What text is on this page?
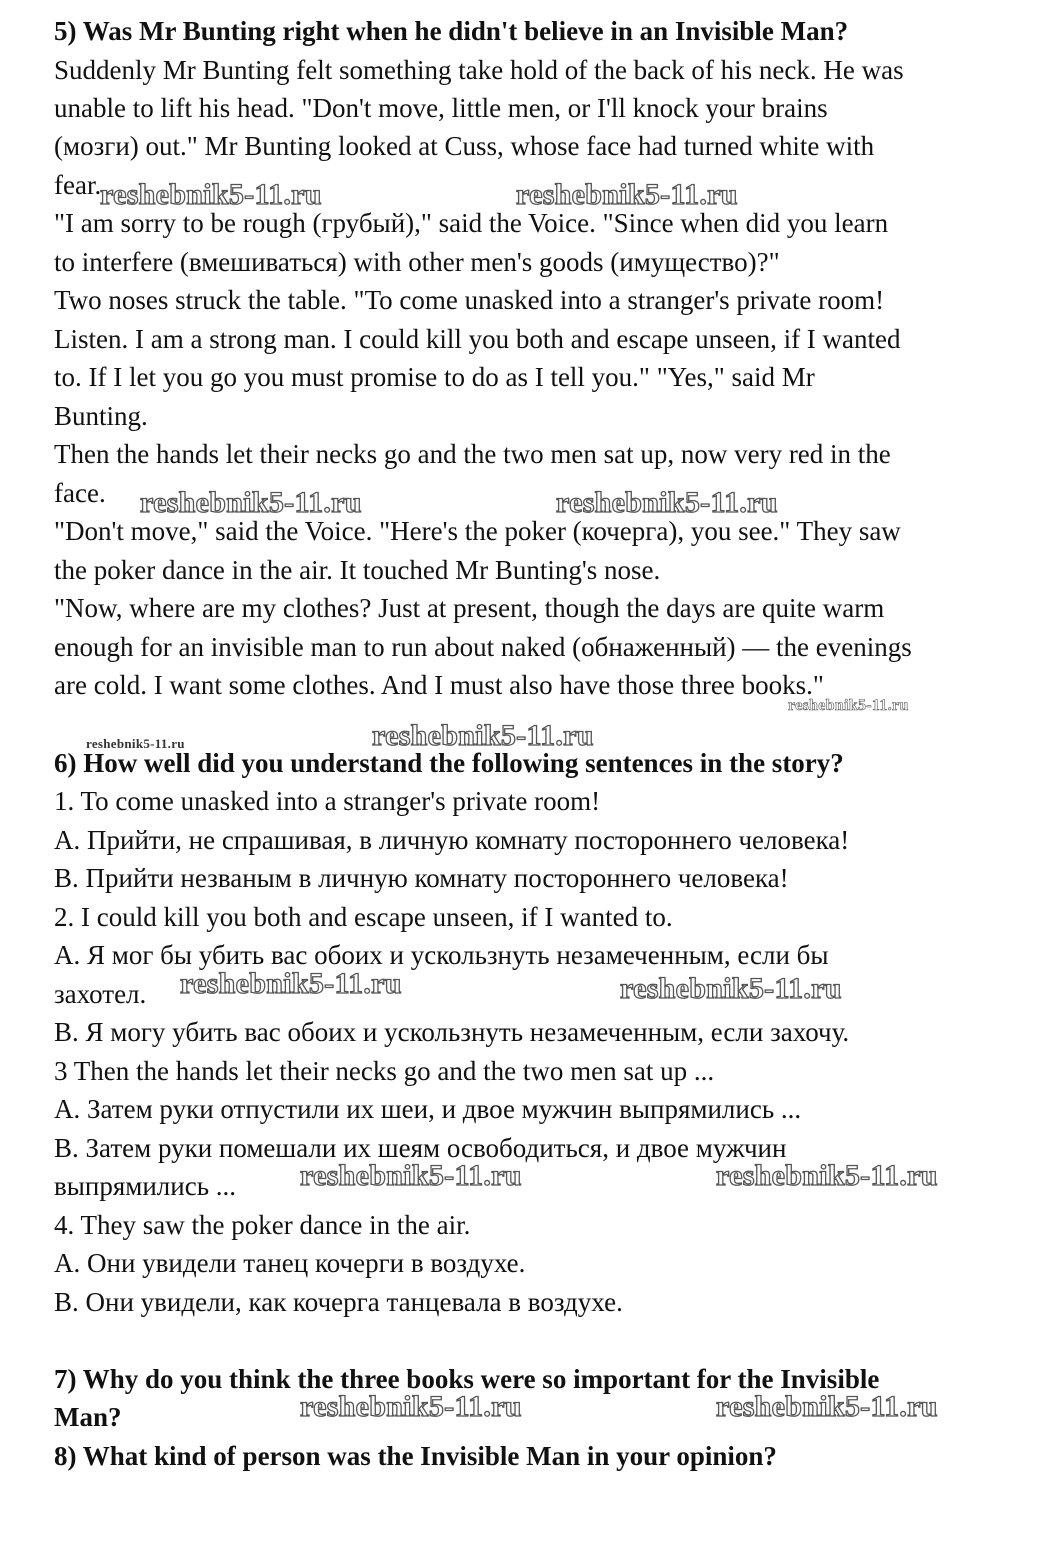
5) Was Mr Bunting right when he didn't believe in an Invisible Man?
Suddenly Mr Bunting felt something take hold of the back of his neck. He was
unable to lift his head. "Don't move, little men, or I'll knock your brains
(мозги) out." Mr Bunting looked at Cuss, whose face had turned white with
fear.
"I am sorry to be rough (грубый)," said the Voice. "Since when did you learn
to interfere (вмешиваться) with other men's goods (имущество)?"
Two noses struck the table. "To come unasked into a stranger's private room!
Listen. I am a strong man. I could kill you both and escape unseen, if I wanted
to. If I let you go you must promise to do as I tell you." "Yes," said Mr
Bunting.
Then the hands let their necks go and the two men sat up, now very red in the
face.
"Don't move," said the Voice. "Here's the poker (кочерга), you see." They saw
the poker dance in the air. It touched Mr Bunting's nose.
"Now, where are my clothes? Just at present, though the days are quite warm
enough for an invisible man to run about naked (обнаженный) — the evenings
are cold. I want some clothes. And I must also have those three books."
6) How well did you understand the following sentences in the story?
1. To come unasked into a stranger's private room!
A. Прийти, не спрашивая, в личную комнату постороннего человека!
B. Прийти незваным в личную комнату постороннего человека!
2. I could kill you both and escape unseen, if I wanted to.
A. Я мог бы убить вас обоих и ускользнуть незамеченным, если бы
захотел.
B. Я могу убить вас обоих и ускользнуть незамеченным, если захочу.
3 Then the hands let their necks go and the two men sat up ...
A. Затем руки отпустили их шеи, и двое мужчин выпрямились ...
B. Затем руки помешали их шеям освободиться, и двое мужчин
выпрямились ...
4. They saw the poker dance in the air.
A. Они увидели танец кочерги в воздухе.
B. Они увидели, как кочерга танцевала в воздухе.
7) Why do you think the three books were so important for the Invisible
Man?
8) What kind of person was the Invisible Man in your opinion?
reshebnik5-11.ru	reshebnik5-11.ru
reshebnik5-11.ru	reshebnik5-11.ru
reshebnik5-11.ru
reshebnik5-11.ru
reshebnik5-11.ru
reshebnik5-11.ru	reshebnik5-11.ru
reshebnik5-11.ru	reshebnik5-11.ru
reshebnik5-11.ru	reshebnik5-11.ru
